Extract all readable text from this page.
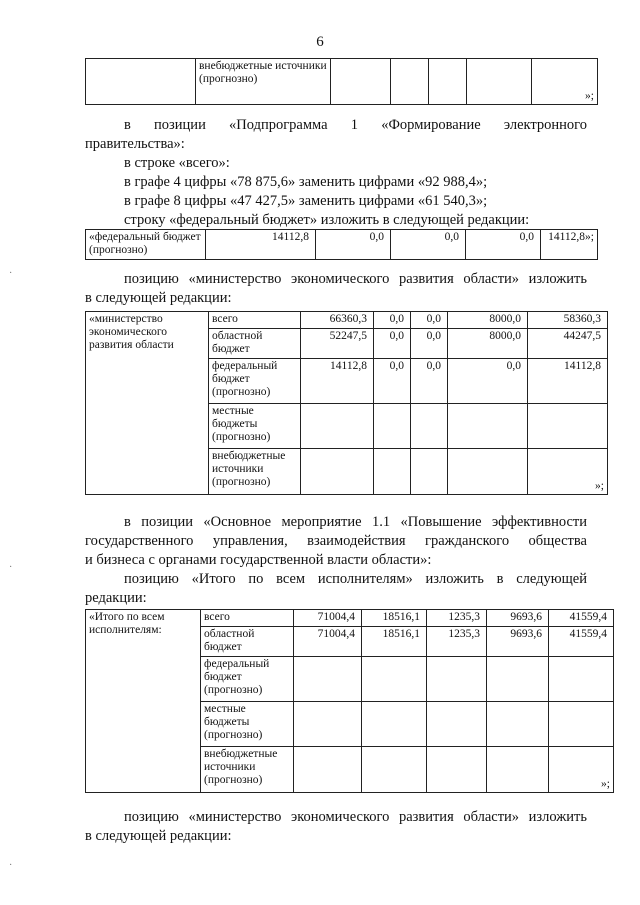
6
	внебюджетные источники (прогнозно)					»;

в позиции «Подпрограмма 1 «Формирование электронного

правительства»:

в строке «всего»:

в графе 4 цифры «78 875,6» заменить цифрами «92 988,4»;

в графе 8 цифры «47 427,5» заменить цифрами «61 540,3»;

строку «федеральный бюджет» изложить в следующей редакции:

«федеральный бюджет (прогнозно)	14112,8	0,0	0,0	0,0	14112,8»;

позицию «министерство экономического развития области» изложить

в следующей редакции:

«министерство экономического развития области	всего	66360,3	0,0	0,0	8000,0	58360,3
	областной бюджет	52247,5	0,0	0,0	8000,0	44247,5
	федеральный бюджет (прогнозно)	14112,8	0,0	0,0	0,0	14112,8
	местные бюджеты (прогнозно)					
	внебюджетные источники (прогнозно)					»;

в позиции «Основное мероприятие 1.1 «Повышение эффективности

государственного управления, взаимодействия гражданского общества

и бизнеса с органами государственной власти области»:

позицию «Итого по всем исполнителям» изложить в следующей

редакции:

«Итого по всем исполнителям:	всего	71004,4	18516,1	1235,3	9693,6	41559,4
	областной бюджет	71004,4	18516,1	1235,3	9693,6	41559,4
	федеральный бюджет (прогнозно)					
	местные бюджеты (прогнозно)					
	внебюджетные источники (прогнозно)					»;

позицию «министерство экономического развития области» изложить

в следующей редакции:

·
·
·
